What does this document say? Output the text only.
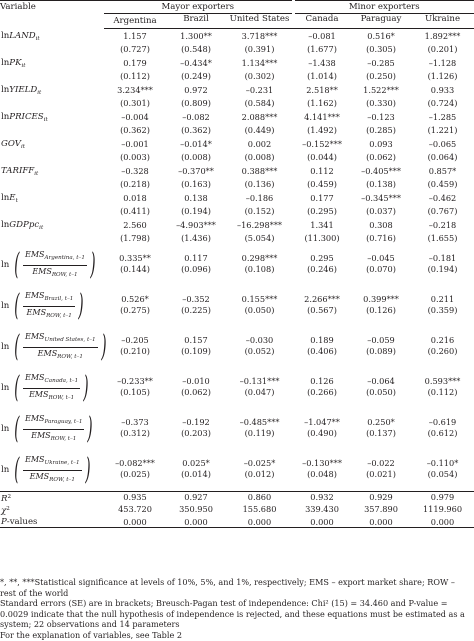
Variable	Mayor exporters			Minor exporters		
	Argentina	Brazil	United States	Canada	Paraguay	Ukraine
lnLAND$_{it}$	1.157	1.300**	3.718***	–0.081	0.516*	1.892***
	(0.727)	(0.548)	(0.391)	(1.677)	(0.305)	(0.201)
lnPK$_{it}$	0.179	–0.434*	1.134***	–1.438	–0.285	–1.128
	(0.112)	(0.249)	(0.302)	(1.014)	(0.250)	(1.126)
lnYIELD$_{it}$	3.234***	0.972	–0.231	2.518**	1.522***	0.933
	(0.301)	(0.809)	(0.584)	(1.162)	(0.330)	(0.724)
lnPRICES$_{it}$	–0.004	–0.082	2.088***	4.141***	–0.123	–1.285
	(0.362)	(0.362)	(0.449)	(1.492)	(0.285)	(1.221)
$GOV_{it}$	–0.001	–0.014*	0.002	–0.152***	0.093	–0.065
	(0.003)	(0.008)	(0.008)	(0.044)	(0.062)	(0.064)
$TARIFF_{it}$	–0.328	–0.370**	0.388***	0.112	–0.405***	0.857*
	(0.218)	(0.163)	(0.136)	(0.459)	(0.138)	(0.459)
lnE$_t$	0.018	0.138	–0.186	0.177	–0.345***	–0.462
	(0.411)	(0.194)	(0.152)	(0.295)	(0.037)	(0.767)
lnGDPpc$_{it}$	2.560	–4.903***	–16.298***	1.341	0.308	–0.218
	(1.798)	(1.436)	(5.054)	(11.300)	(0.716)	(1.655)

ln ( $\frac{EMS_{Argentina, t-1}}{EMS_{ROW, t-1}}$ )	0.335**	0.117	0.298***	0.295	–0.045	–0.181
	(0.144)	(0.096)	(0.108)	(0.246)	(0.070)	(0.194)

ln ( $\frac{EMS_{Brazil, t-1}}{EMS_{ROW, t-1}}$ )	0.526*	–0.352	0.155***	2.266***	0.399***	0.211
	(0.275)	(0.225)	(0.050)	(0.567)	(0.126)	(0.359)

ln ( $\frac{EMS_{United States, t-1}}{EMS_{ROW, t-1}}$ )	–0.205	0.157	–0.030	0.189	–0.059	0.216
	(0.210)	(0.109)	(0.052)	(0.406)	(0.089)	(0.260)

ln ( $\frac{EMS_{Canada, t-1}}{EMS_{ROW, t-1}}$ )	–0.233**	–0.010	–0.131***	0.126	–0.064	0.593***
	(0.105)	(0.062)	(0.047)	(0.266)	(0.050)	(0.112)

ln ( $\frac{EMS_{Paraguay, t-1}}{EMS_{ROW, t-1}}$ )	–0.373	–0.192	–0.485***	–1.047**	0.250*	–0.619
	(0.312)	(0.203)	(0.119)	(0.490)	(0.137)	(0.612)

ln ( $\frac{EMS_{Ukraine, t-1}}{EMS_{ROW, t-1}}$ )	–0.082***	0.025*	–0.025*	–0.130***	–0.022	–0.110*
	(0.025)	(0.014)	(0.012)	(0.048)	(0.021)	(0.054)
$R^2$	0.935	0.927	0.860	0.932	0.929	0.979
$\chi^2$	453.720	350.950	155.680	339.430	357.890	1119.960
P-values	0.000	0.000	0.000	0.000	0.000	0.000

*, **, ***Statistical significance at levels of 10%, 5%, and 1%, respectively; EMS – export market share; ROW – rest of the world

Standard errors (SE) are in brackets; Breusch-Pagan test of independence: Chi² (15) = 34.460 and P-value = 0.0029 indicate that the null hypothesis of independence is rejected, and these equations must be estimated as a system; 22 observations and 14 parameters

For the explanation of variables, see Table 2
